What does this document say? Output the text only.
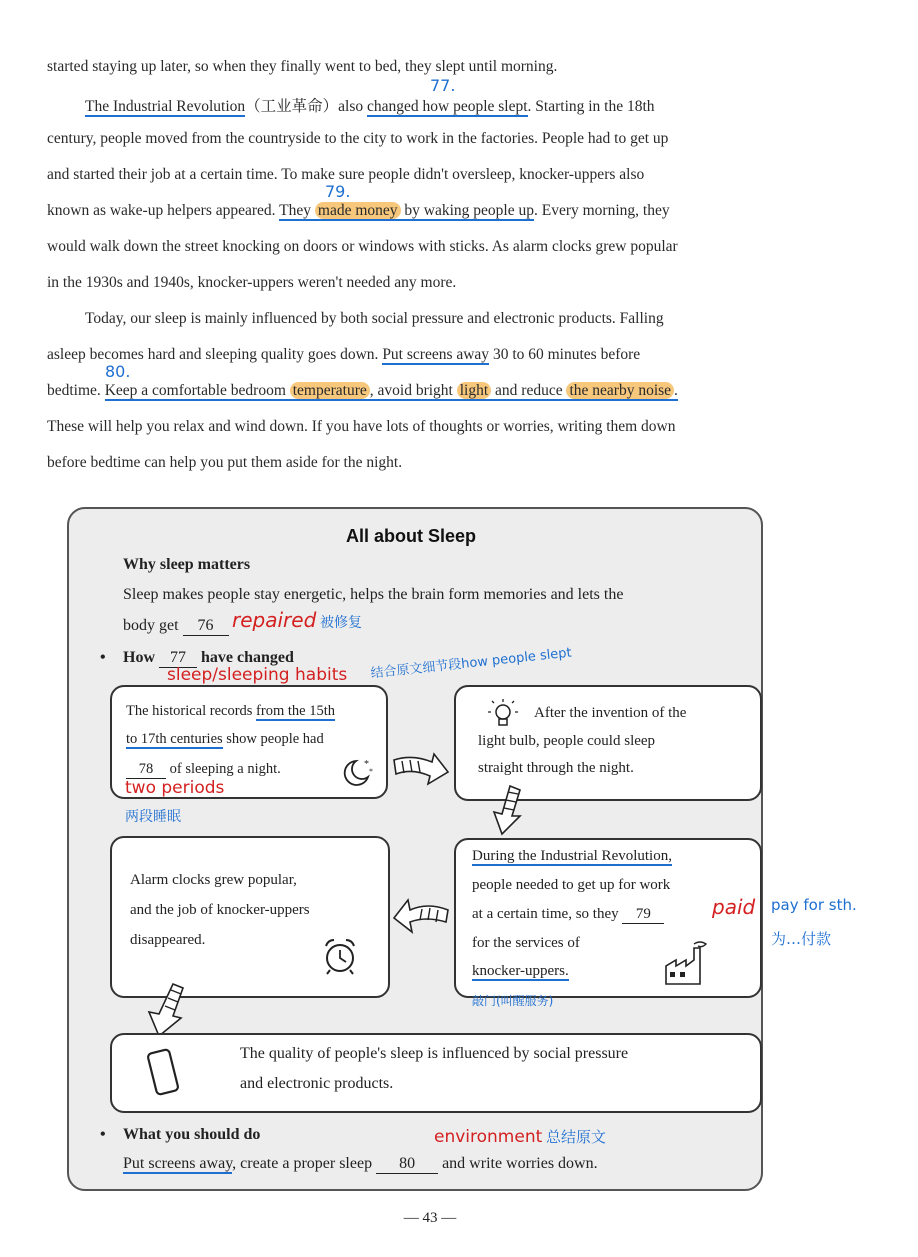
started staying up later, so when they finally went to bed, they slept until morning.
77.
The Industrial Revolution（工业革命）also changed how people slept. Starting in the 18th
century, people moved from the countryside to the city to work in the factories. People had to get up
and started their job at a certain time. To make sure people didn't oversleep, knocker-uppers also
79.
known as wake-up helpers appeared. They made money by waking people up. Every morning, they
would walk down the street knocking on doors or windows with sticks. As alarm clocks grew popular
in the 1930s and 1940s, knocker-uppers weren't needed any more.
Today, our sleep is mainly influenced by both social pressure and electronic products. Falling
asleep becomes hard and sleeping quality goes down. Put screens away 30 to 60 minutes before
80.
bedtime. Keep a comfortable bedroom temperature , avoid bright light and reduce the nearby noise .
These will help you relax and wind down. If you have lots of thoughts or worries, writing them down
before bedtime can help you put them aside for the night.
All about Sleep
Why sleep matters
Sleep makes people stay energetic, helps the brain form memories and lets the
body get 76 repaired 被修复
• How 77 have changed
sleep/sleeping habits 结合原文细节段how people slept
The historical records from the 15th
to 17th centuries show people had
78 of sleeping a night.	*
*
two periods
两段睡眠
After the invention of the
light bulb, people could sleep
straight through the night.
During the Industrial Revolution,
people needed to get up for work
at a certain time, so they 79
for the services of
knocker-uppers.
paid pay for sth.
为…付款
敲门(叫醒服务)
Alarm clocks grew popular,
and the job of knocker-uppers
disappeared.
The quality of people's sleep is influenced by social pressure
and electronic products.
• What you should do	environment 总结原文
Put screens away, create a proper sleep 80 and write worries down.
— 43 —
